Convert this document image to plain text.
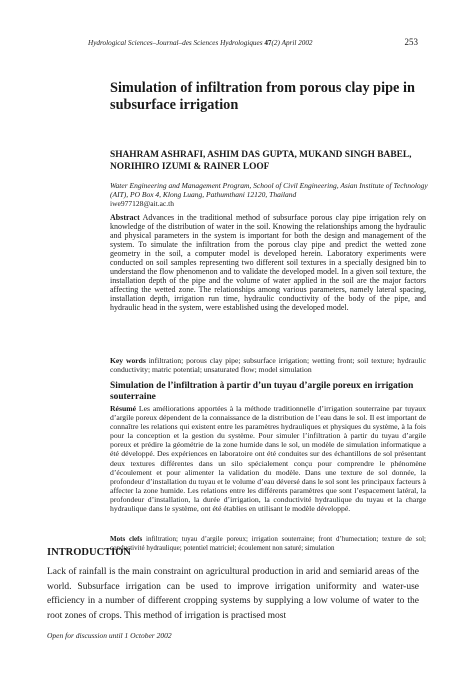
Hydrological Sciences–Journal–des Sciences Hydrologiques 47(2) April 2002	253
Simulation of infiltration from porous clay pipe in subsurface irrigation

SHAHRAM ASHRAFI, ASHIM DAS GUPTA, MUKAND SINGH BABEL, NORIHIRO IZUMI & RAINER LOOF

Water Engineering and Management Program, School of Civil Engineering, Asian Institute of Technology (AIT), PO Box 4, Klong Luang, Pathumthani 12120, Thailand

iwe977128@ait.ac.th

Abstract Advances in the traditional method of subsurface porous clay pipe irrigation rely on knowledge of the distribution of water in the soil. Knowing the relationships among the hydraulic and physical parameters in the system is important for both the design and management of the system. To simulate the infiltration from the porous clay pipe and predict the wetted zone geometry in the soil, a computer model is developed herein. Laboratory experiments were conducted on soil samples representing two different soil textures in a specially designed bin to understand the flow phenomenon and to validate the developed model. In a given soil texture, the installation depth of the pipe and the volume of water applied in the soil are the major factors affecting the wetted zone. The relationships among various parameters, namely lateral spacing, installation depth, irrigation run time, hydraulic conductivity of the body of the pipe, and hydraulic head in the system, were established using the developed model.

Key words infiltration; porous clay pipe; subsurface irrigation; wetting front; soil texture; hydraulic conductivity; matric potential; unsaturated flow; model simulation

Simulation de l’infiltration à partir d’un tuyau d’argile poreux en irrigation souterraine

Résumé Les améliorations apportées à la méthode traditionnelle d’irrigation souterraine par tuyaux d’argile poreux dépendent de la connaissance de la distribution de l’eau dans le sol. Il est important de connaître les relations qui existent entre les paramètres hydrauliques et physiques du système, à la fois pour la conception et la gestion du système. Pour simuler l’infiltration à partir du tuyau d’argile poreux et prédire la géométrie de la zone humide dans le sol, un modèle de simulation informatique a été développé. Des expériences en laboratoire ont été conduites sur des échantillons de sol présentant deux textures différentes dans un silo spécialement conçu pour comprendre le phénomène d’écoulement et pour alimenter la validation du modèle. Dans une texture de sol donnée, la profondeur d’installation du tuyau et le volume d’eau déversé dans le sol sont les principaux facteurs à affecter la zone humide. Les relations entre les différents paramètres que sont l’espacement latéral, la profondeur d’installation, la durée d’irrigation, la conductivité hydraulique du tuyau et la charge hydraulique dans le système, ont été établies en utilisant le modèle développé.

Mots clefs infiltration; tuyau d’argile poreux; irrigation souterraine; front d’humectation; texture de sol; conductivité hydraulique; potentiel matriciel; écoulement non saturé; simulation

INTRODUCTION

Lack of rainfall is the main constraint on agricultural production in arid and semiarid areas of the world. Subsurface irrigation can be used to improve irrigation uniformity and water-use efficiency in a number of different cropping systems by supplying a low volume of water to the root zones of crops. This method of irrigation is practised most

Open for discussion until 1 October 2002
